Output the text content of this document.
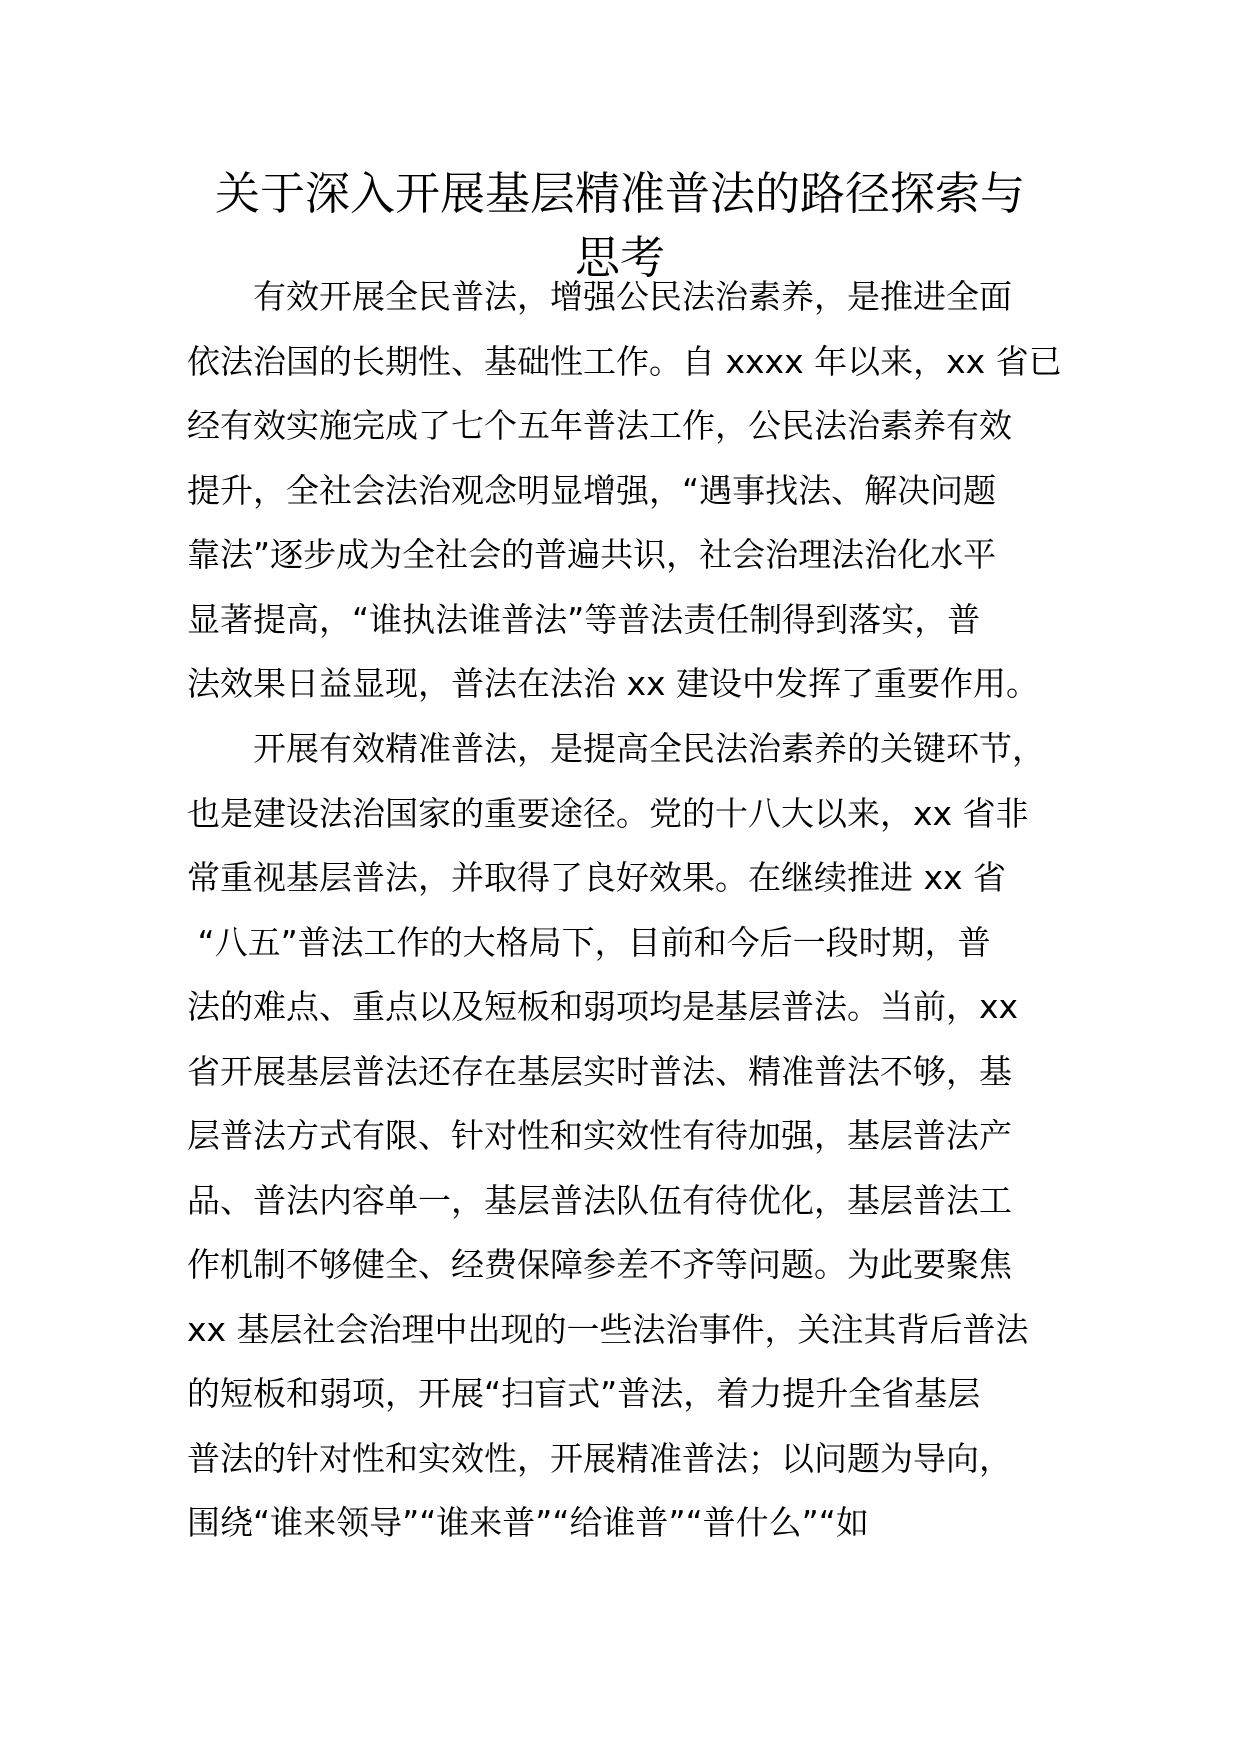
关于深入开展基层精准普法的路径探索与
思考
有效开展全民普法，增强公民法治素养，是推进全面
依法治国的长期性、基础性工作。自 xxxx 年以来，xx 省已
经有效实施完成了七个五年普法工作，公民法治素养有效
提升，全社会法治观念明显增强，“遇事找法、解决问题
靠法”逐步成为全社会的普遍共识，社会治理法治化水平
显著提高，“谁执法谁普法”等普法责任制得到落实，普
法效果日益显现，普法在法治 xx 建设中发挥了重要作用。
开展有效精准普法，是提高全民法治素养的关键环节，
也是建设法治国家的重要途径。党的十八大以来，xx 省非
常重视基层普法，并取得了良好效果。在继续推进 xx 省
“八五”普法工作的大格局下，目前和今后一段时期，普
法的难点、重点以及短板和弱项均是基层普法。当前，xx
省开展基层普法还存在基层实时普法、精准普法不够，基
层普法方式有限、针对性和实效性有待加强，基层普法产
品、普法内容单一，基层普法队伍有待优化，基层普法工
作机制不够健全、经费保障参差不齐等问题。为此要聚焦
xx 基层社会治理中出现的一些法治事件，关注其背后普法
的短板和弱项，开展“扫盲式”普法，着力提升全省基层
普法的针对性和实效性，开展精准普法；以问题为导向，
围绕“谁来领导”“谁来普”“给谁普”“普什么”“如
